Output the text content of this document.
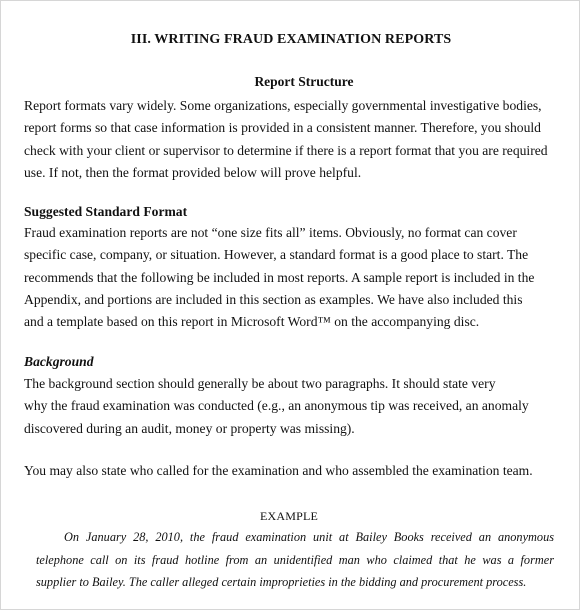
III. WRITING FRAUD EXAMINATION REPORTS
Report Structure
Report formats vary widely. Some organizations, especially governmental investigative bodies,
report forms so that case information is provided in a consistent manner. Therefore, you should
check with your client or supervisor to determine if there is a report format that you are required
use. If not, then the format provided below will prove helpful.
Suggested Standard Format
Fraud examination reports are not “one size fits all” items. Obviously, no format can cover
specific case, company, or situation. However, a standard format is a good place to start. The
recommends that the following be included in most reports. A sample report is included in the
Appendix, and portions are included in this section as examples. We have also included this
and a template based on this report in Microsoft Word™ on the accompanying disc.
Background
The background section should generally be about two paragraphs. It should state very
why the fraud examination was conducted (e.g., an anonymous tip was received, an anomaly
discovered during an audit, money or property was missing).
You may also state who called for the examination and who assembled the examination team.
EXAMPLE
On January 28, 2010, the fraud examination unit at Bailey Books received an anonymous
telephone call on its fraud hotline from an unidentified man who claimed that he was a former
supplier to Bailey. The caller alleged certain improprieties in the bidding and procurement process.
